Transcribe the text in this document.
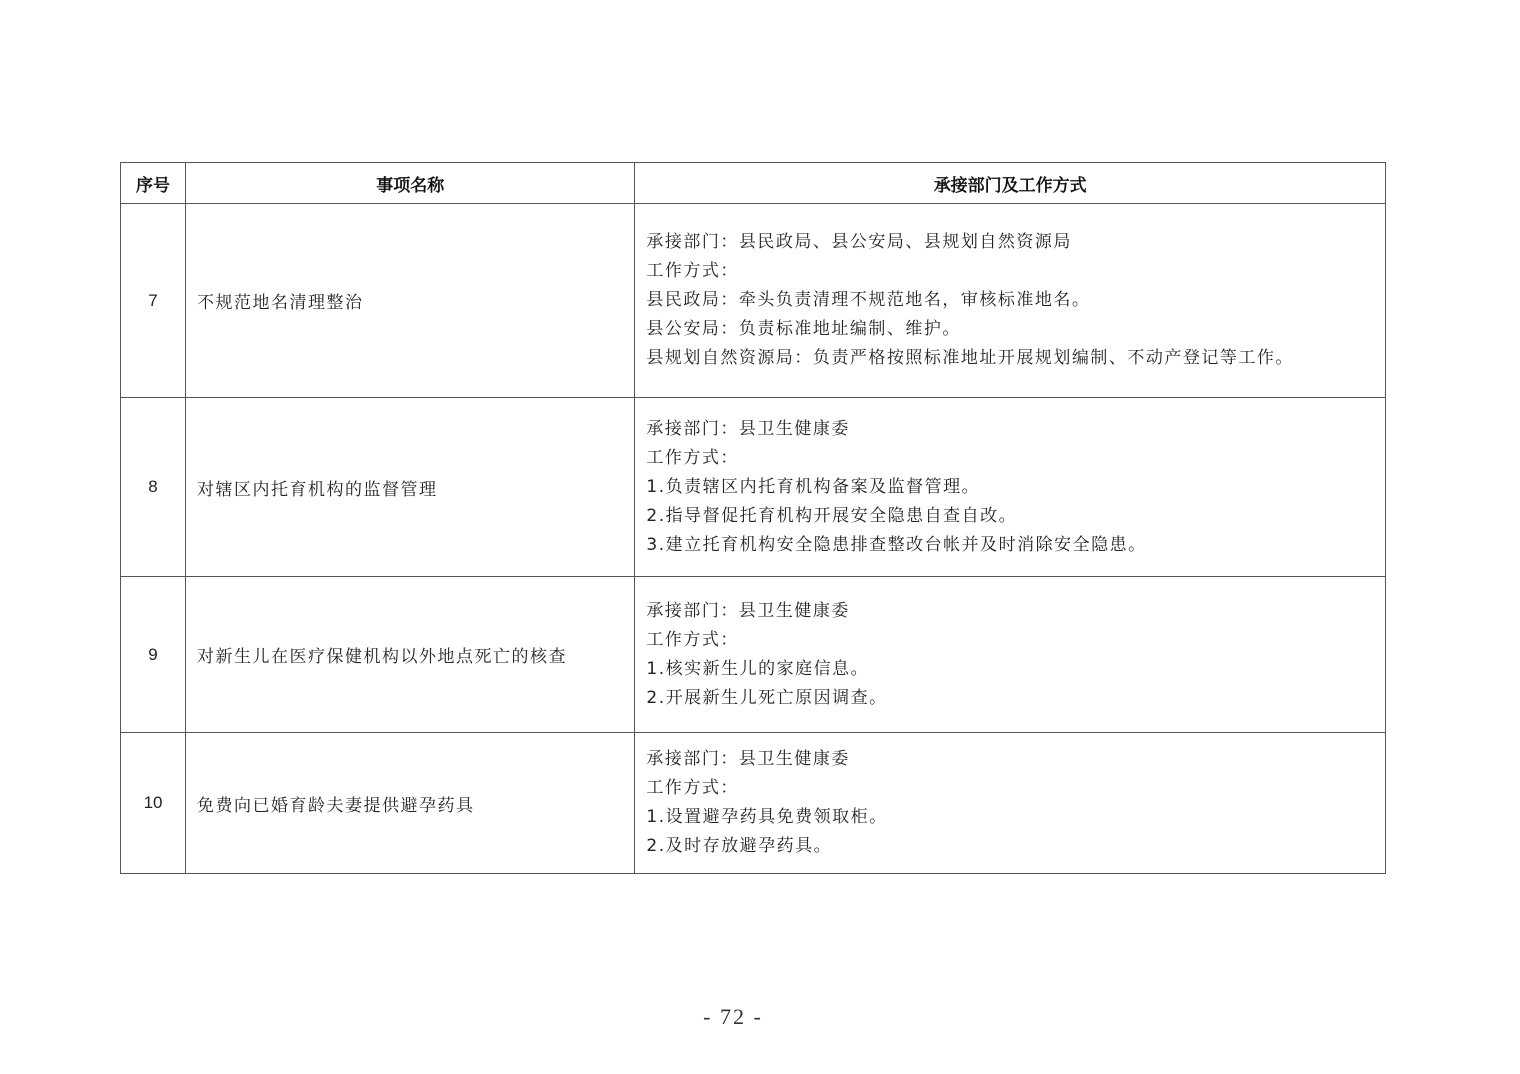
序号	事项名称	承接部门及工作方式
7	不规范地名清理整治	承接部门：县民政局、县公安局、县规划自然资源局
工作方式：
县民政局：牵头负责清理不规范地名，审核标准地名。
县公安局：负责标准地址编制、维护。
县规划自然资源局：负责严格按照标准地址开展规划编制、不动产登记等工作。

8	对辖区内托育机构的监督管理	承接部门：县卫生健康委
工作方式：
1.负责辖区内托育机构备案及监督管理。
2.指导督促托育机构开展安全隐患自查自改。
3.建立托育机构安全隐患排查整改台帐并及时消除安全隐患。

9	对新生儿在医疗保健机构以外地点死亡的核查	承接部门：县卫生健康委
工作方式：
1.核实新生儿的家庭信息。
2.开展新生儿死亡原因调查。

10	免费向已婚育龄夫妻提供避孕药具	承接部门：县卫生健康委
工作方式：
1.设置避孕药具免费领取柜。
2.及时存放避孕药具。
- 72 -
